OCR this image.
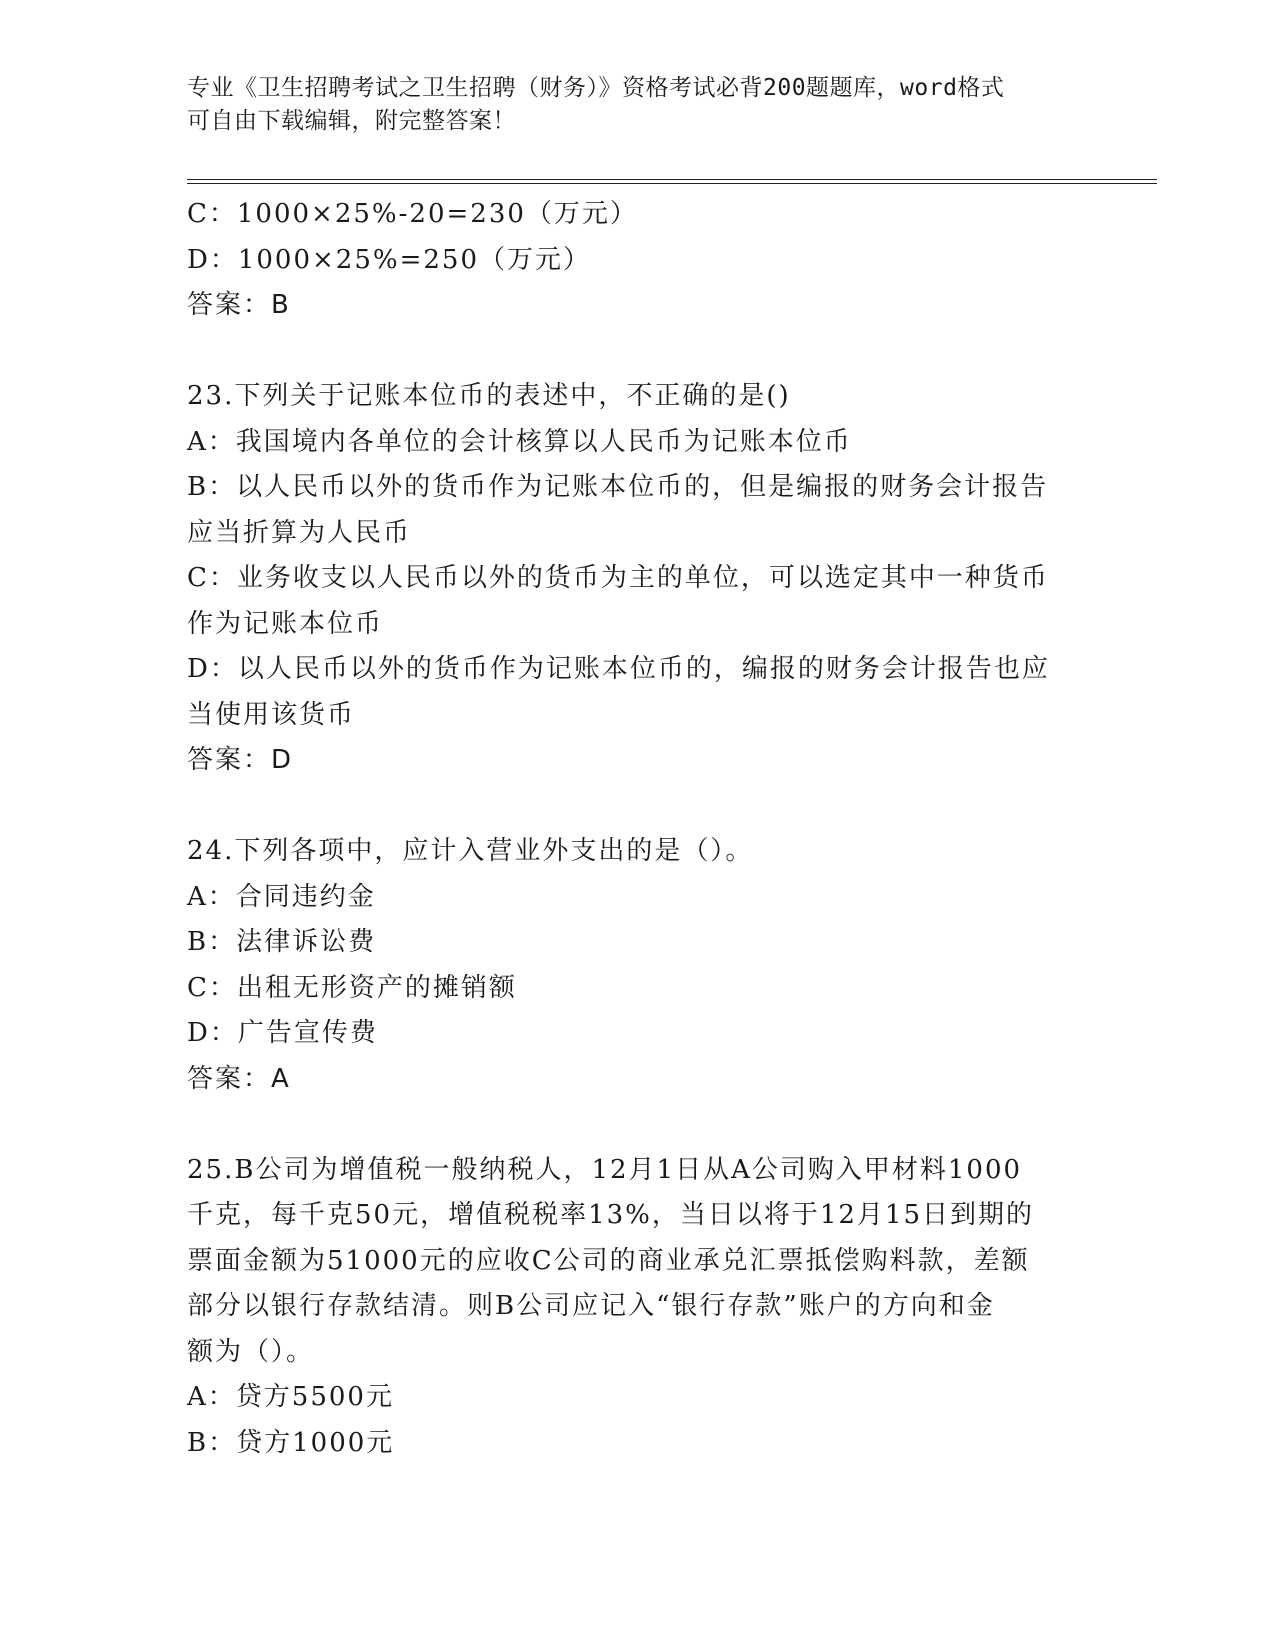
专业《卫生招聘考试之卫生招聘（财务）》资格考试必背200题题库，word格式
可自由下载编辑，附完整答案！
C：1000×25%-20=230（万元）
D：1000×25%=250（万元）
答案：B
23.下列关于记账本位币的表述中，不正确的是()
A：我国境内各单位的会计核算以人民币为记账本位币
B：以人民币以外的货币作为记账本位币的，但是编报的财务会计报告
应当折算为人民币
C：业务收支以人民币以外的货币为主的单位，可以选定其中一种货币
作为记账本位币
D：以人民币以外的货币作为记账本位币的，编报的财务会计报告也应
当使用该货币
答案：D
24.下列各项中，应计入营业外支出的是（）。
A：合同违约金
B：法律诉讼费
C：出租无形资产的摊销额
D：广告宣传费
答案：A
25.B公司为增值税一般纳税人，12月1日从A公司购入甲材料1000
千克，每千克50元，增值税税率13%，当日以将于12月15日到期的
票面金额为51000元的应收C公司的商业承兑汇票抵偿购料款，差额
部分以银行存款结清。则B公司应记入“银行存款”账户的方向和金
额为（）。
A：贷方5500元
B：贷方1000元
